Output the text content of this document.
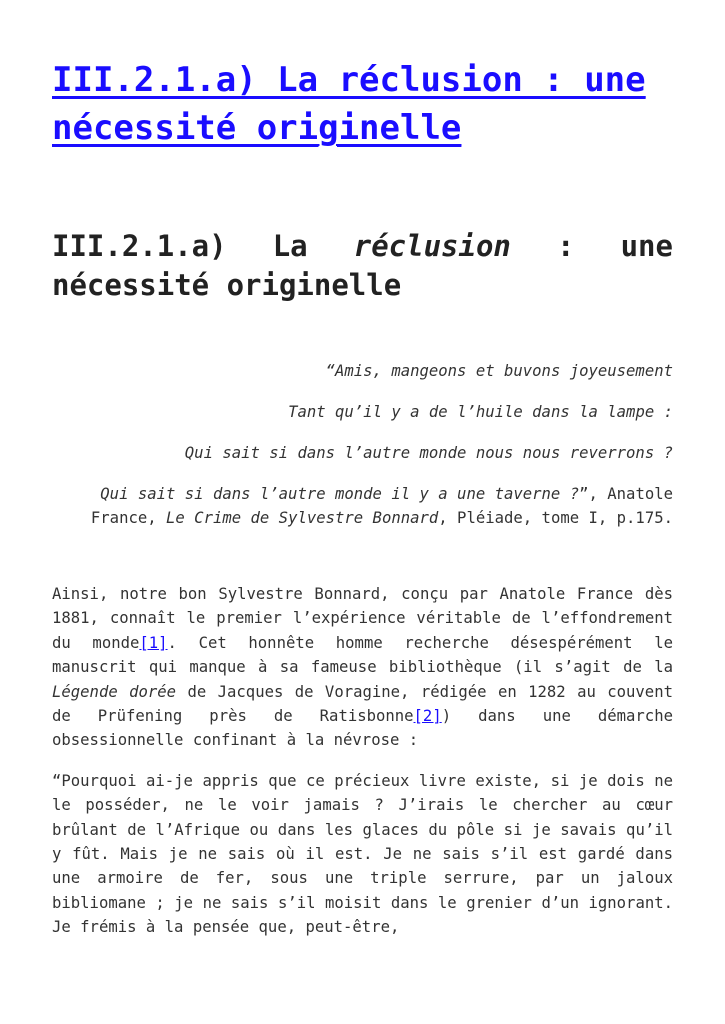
III.2.1.a) La réclusion : une nécessité originelle
III.2.1.a) La réclusion : une
nécessité originelle

“Amis, mangeons et buvons joyeusement

Tant qu’il y a de l’huile dans la lampe :

Qui sait si dans l’autre monde nous nous reverrons ?

Qui sait si dans l’autre monde il y a une taverne ?”, Anatole France, Le Crime de Sylvestre Bonnard, Pléiade, tome I, p.175.

Ainsi, notre bon Sylvestre Bonnard, conçu par Anatole France dès 1881, connaît le premier l’expérience véritable de l’effondrement du monde[1]. Cet honnête homme recherche désespérément le manuscrit qui manque à sa fameuse bibliothèque (il s’agit de la Légende dorée de Jacques de Voragine, rédigée en 1282 au couvent de Prüfening près de Ratisbonne[2]) dans une démarche obsessionnelle confinant à la névrose :

“Pourquoi ai-je appris que ce précieux livre existe, si je dois ne le posséder, ne le voir jamais ? J’irais le chercher au cœur brûlant de l’Afrique ou dans les glaces du pôle si je savais qu’il y fût. Mais je ne sais où il est. Je ne sais s’il est gardé dans une armoire de fer, sous une triple serrure, par un jaloux bibliomane ; je ne sais s’il moisit dans le grenier d’un ignorant. Je frémis à la pensée que, peut-être,
